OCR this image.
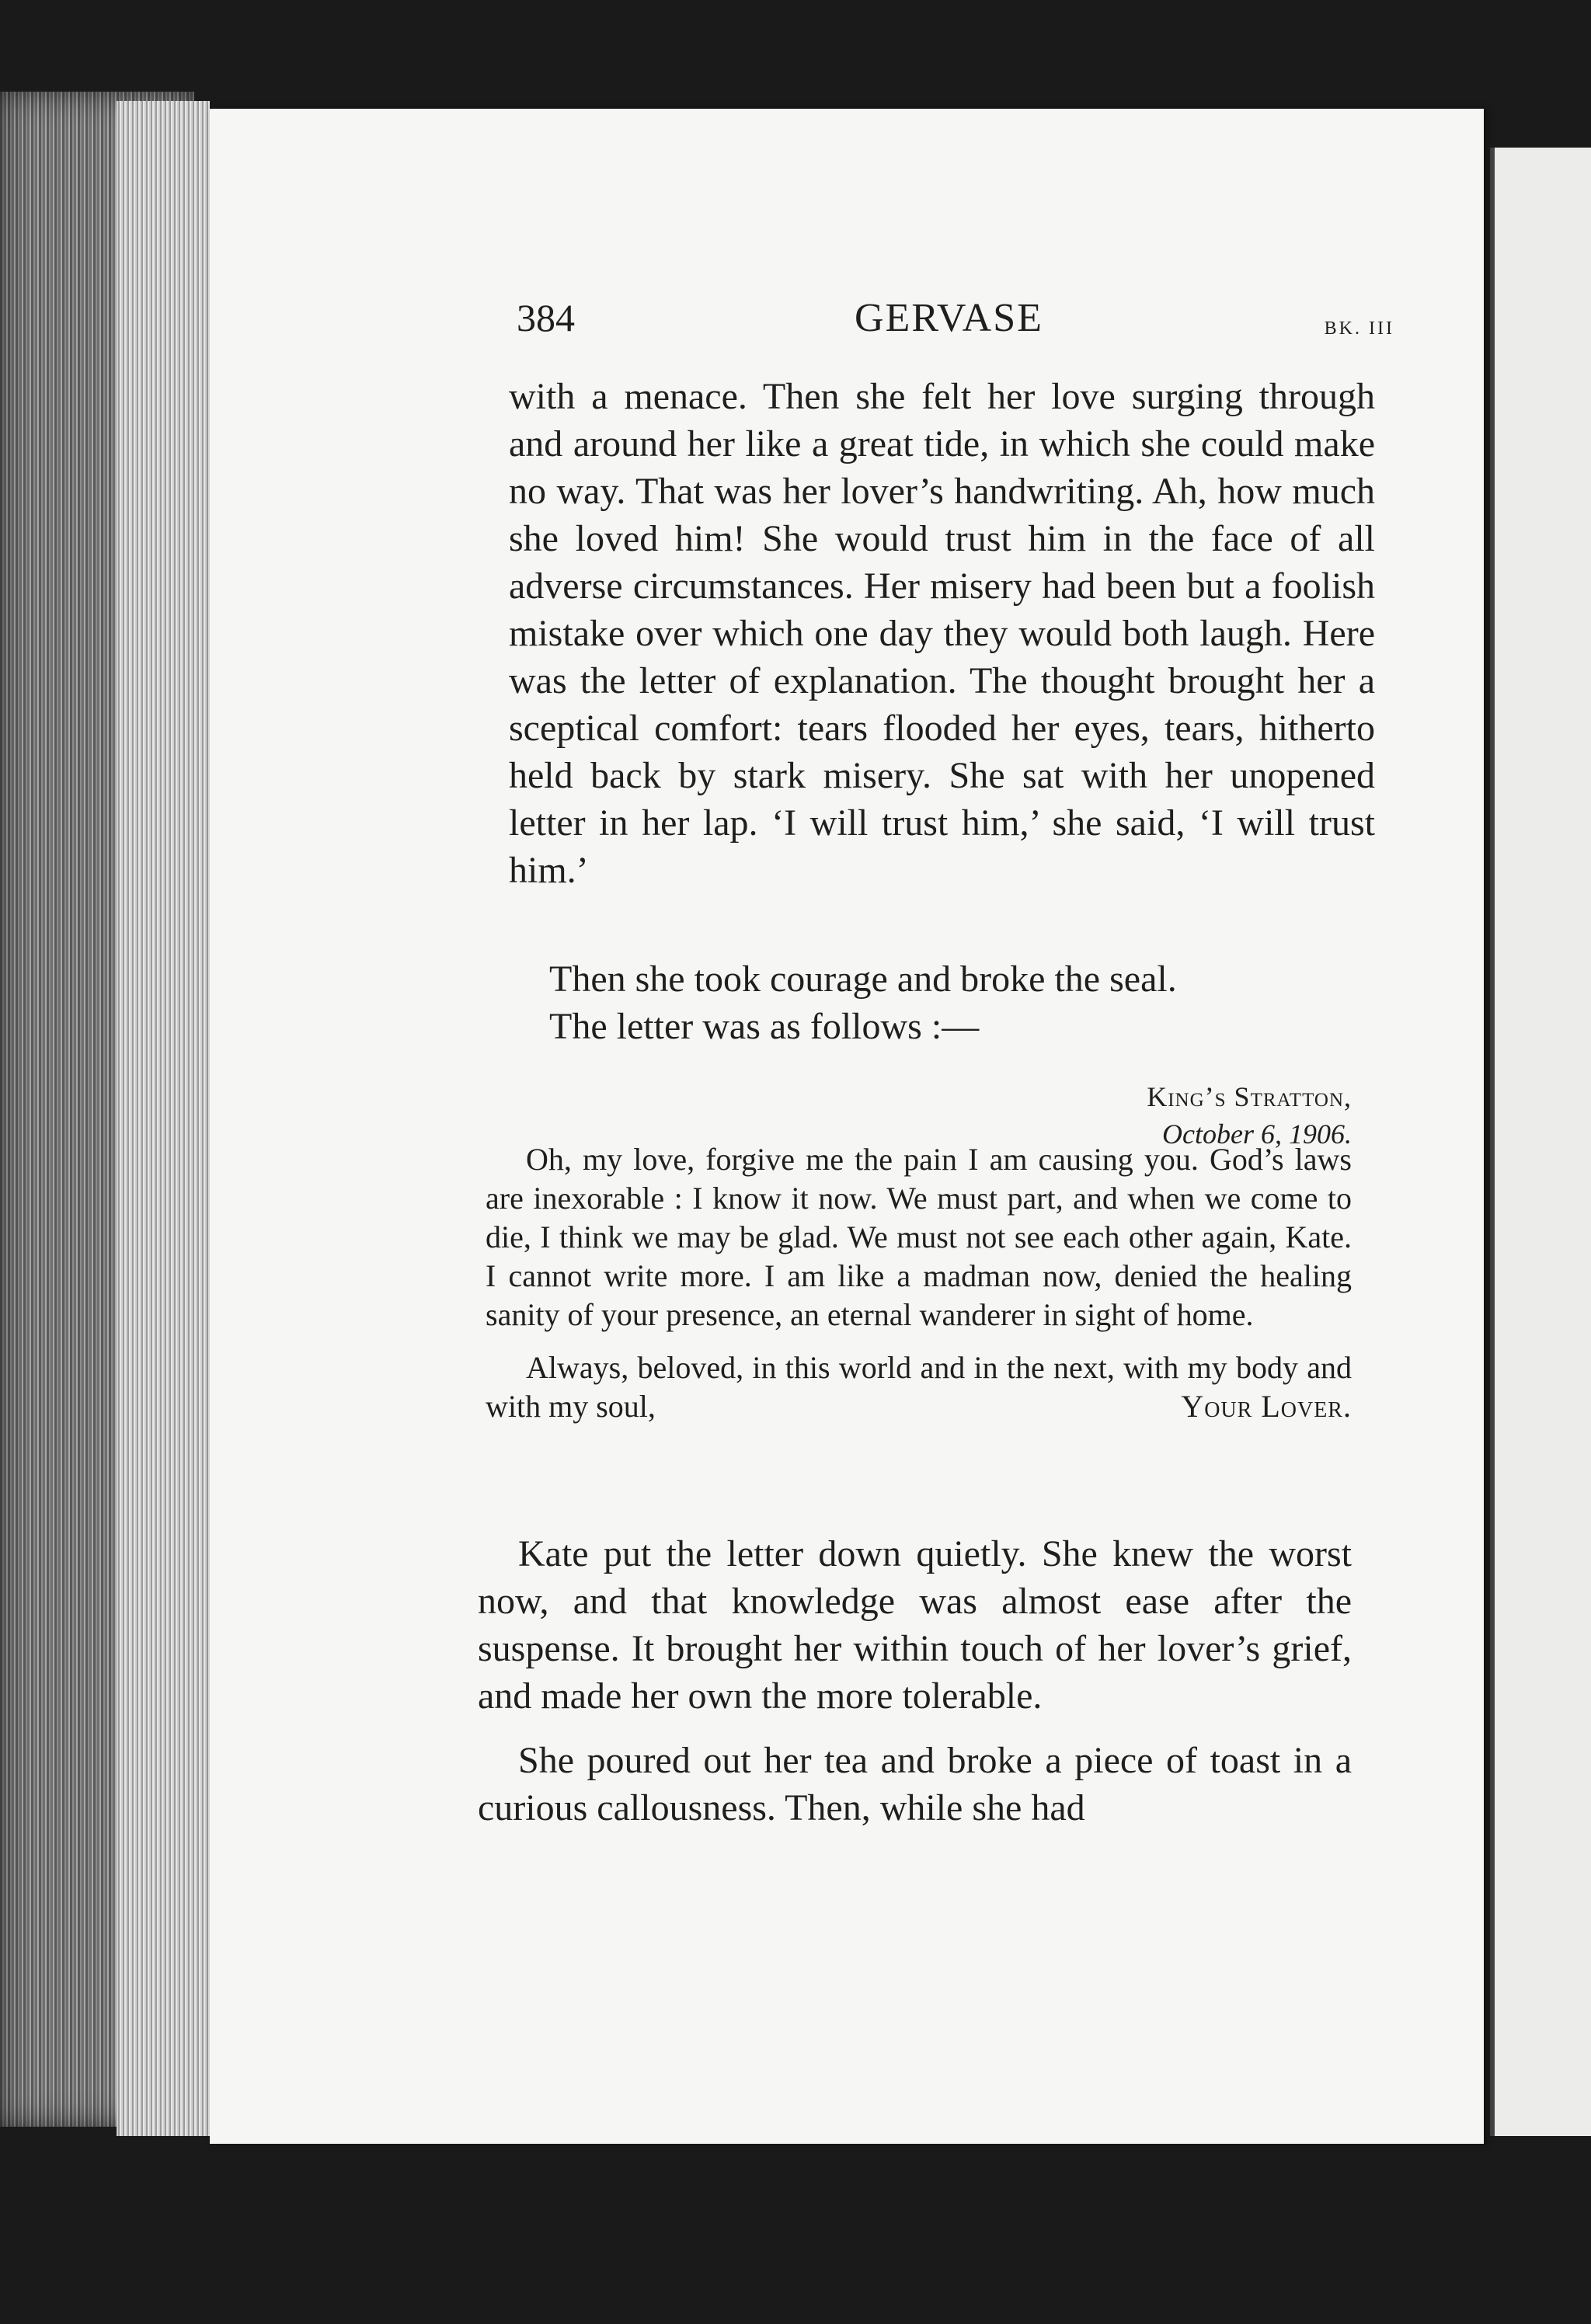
384	GERVASE	BK. III

with a menace. Then she felt her love surging through and around her like a great tide, in which she could make no way. That was her lover’s handwriting. Ah, how much she loved him! She would trust him in the face of all adverse circumstances. Her misery had been but a foolish mistake over which one day they would both laugh. Here was the letter of explanation. The thought brought her a sceptical comfort: tears flooded her eyes, tears, hitherto held back by stark misery. She sat with her unopened letter in her lap. ‘I will trust him,’ she said, ‘I will trust him.’

Then she took courage and broke the seal.

The letter was as follows :—

King’s Stratton,
October 6, 1906.

Oh, my love, forgive me the pain I am causing you. God’s laws are inexorable : I know it now. We must part, and when we come to die, I think we may be glad. We must not see each other again, Kate. I cannot write more. I am like a madman now, denied the healing sanity of your presence, an eternal wanderer in sight of home.

Always, beloved, in this world and in the next, with my body and with my soul,	Your Lover.

Kate put the letter down quietly. She knew the worst now, and that knowledge was almost ease after the suspense. It brought her within touch of her lover’s grief, and made her own the more tolerable.

She poured out her tea and broke a piece of toast in a curious callousness. Then, while she had
